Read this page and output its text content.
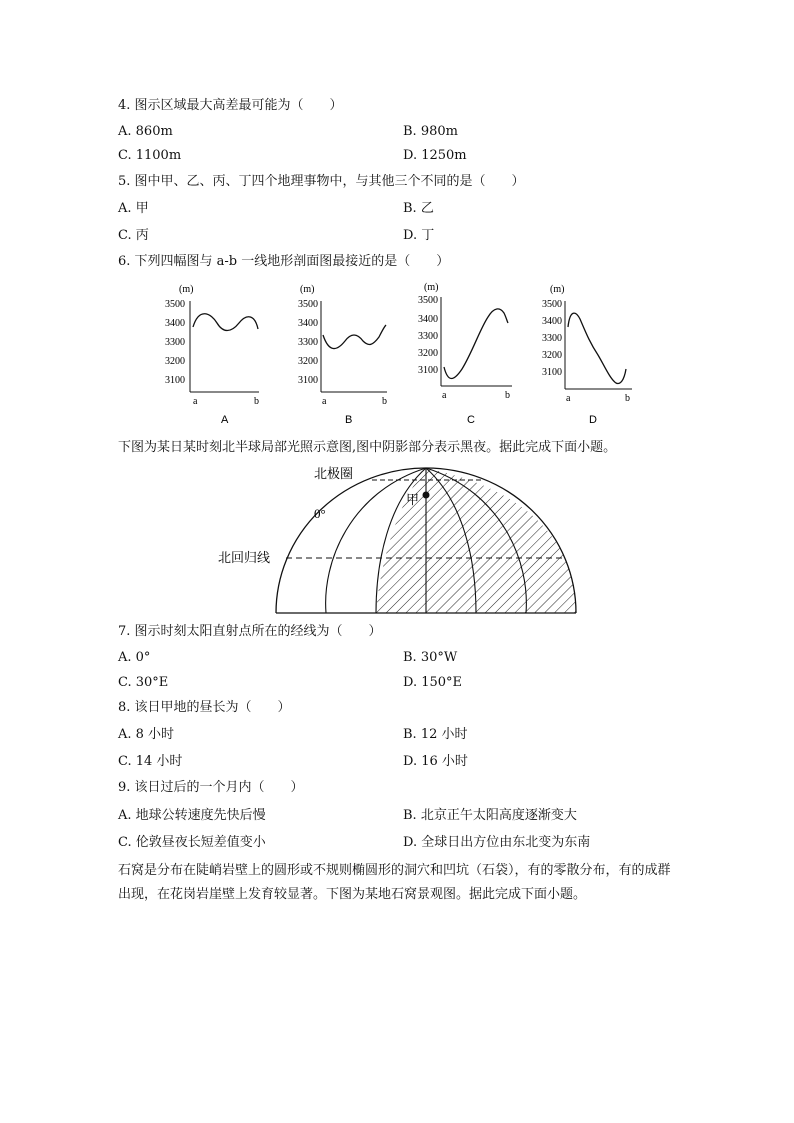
4. 图示区域最大高差最可能为（　　）
A. 860m	B. 980m
C. 1100m	D. 1250m
5. 图中甲、乙、丙、丁四个地理事物中，与其他三个不同的是（　　）
A. 甲	B. 乙
C. 丙	D. 丁
6. 下列四幅图与 a-b 一线地形剖面图最接近的是（　　）
(m)
3500
3400
3300
3200
3100
a	b
A
(m)
3500
3400
3300
3200
3100
a	b
B
(m)
3500
3400
3300
3200
3100
a	b
C
(m)
3500
3400
3300
3200
3100
a	b
D
下图为某日某时刻北半球局部光照示意图,图中阴影部分表示黑夜。据此完成下面小题。
北极圈
0°
甲
北回归线
7. 图示时刻太阳直射点所在的经线为（　　）
A. 0°	B. 30°W
C. 30°E	D. 150°E
8. 该日甲地的昼长为（　　）
A. 8 小时	B. 12 小时
C. 14 小时	D. 16 小时
9. 该日过后的一个月内（　　）
A. 地球公转速度先快后慢	B. 北京正午太阳高度逐渐变大
C. 伦敦昼夜长短差值变小	D. 全球日出方位由东北变为东南
石窝是分布在陡峭岩壁上的圆形或不规则椭圆形的洞穴和凹坑（石袋），有的零散分布，有的成群出现，在花岗岩崖壁上发育较显著。下图为某地石窝景观图。据此完成下面小题。
